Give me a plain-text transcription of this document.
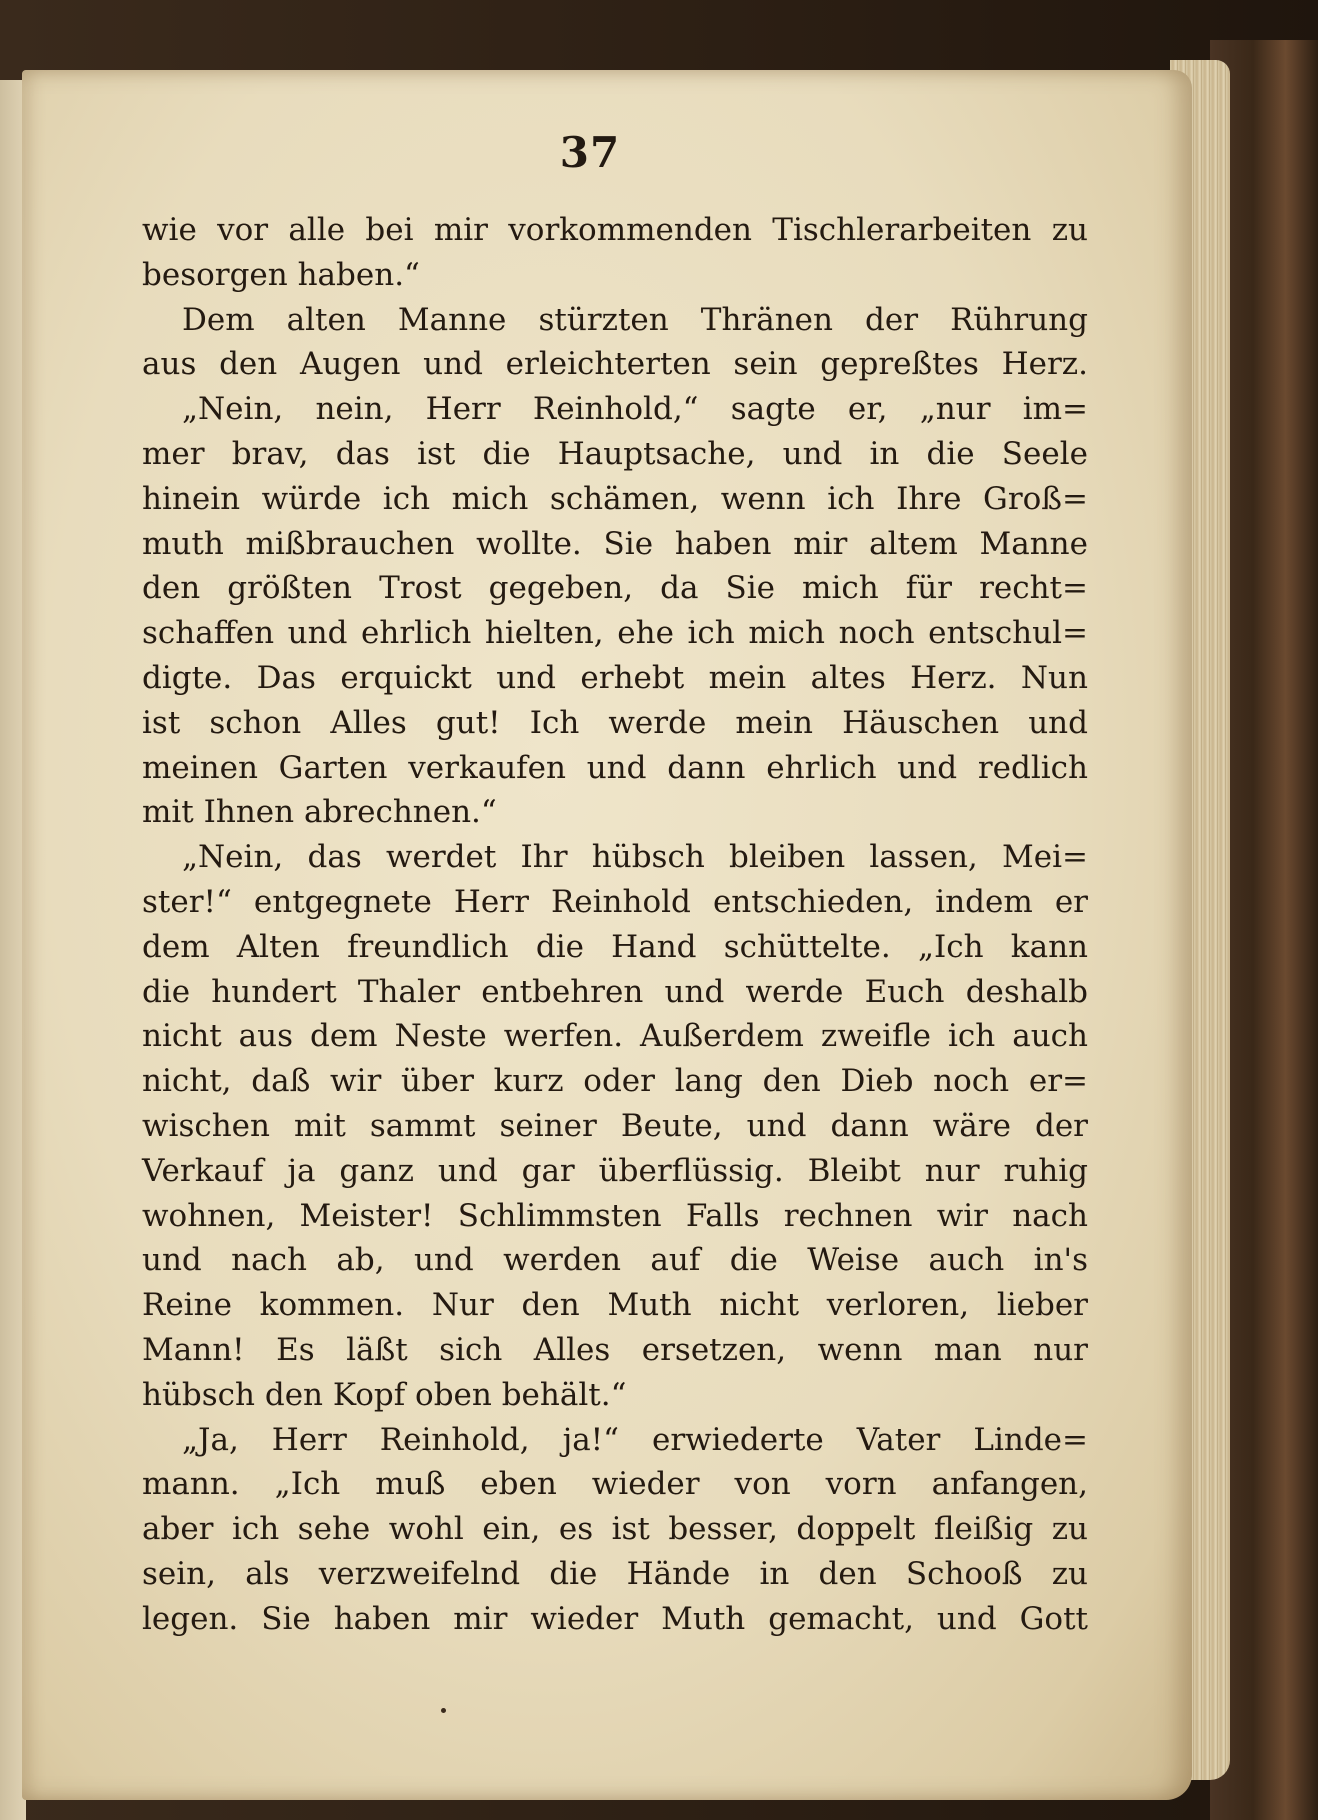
37
wie vor alle bei mir vorkommenden Tischlerarbeiten zu
besorgen haben.“
Dem alten Manne stürzten Thränen der Rührung
aus den Augen und erleichterten sein gepreßtes Herz.
„Nein, nein, Herr Reinhold,“ sagte er, „nur im=
mer brav, das ist die Hauptsache, und in die Seele
hinein würde ich mich schämen, wenn ich Ihre Groß=
muth mißbrauchen wollte. Sie haben mir altem Manne
den größten Trost gegeben, da Sie mich für recht=
schaffen und ehrlich hielten, ehe ich mich noch entschul=
digte. Das erquickt und erhebt mein altes Herz. Nun
ist schon Alles gut! Ich werde mein Häuschen und
meinen Garten verkaufen und dann ehrlich und redlich
mit Ihnen abrechnen.“
„Nein, das werdet Ihr hübsch bleiben lassen, Mei=
ster!“ entgegnete Herr Reinhold entschieden, indem er
dem Alten freundlich die Hand schüttelte. „Ich kann
die hundert Thaler entbehren und werde Euch deshalb
nicht aus dem Neste werfen. Außerdem zweifle ich auch
nicht, daß wir über kurz oder lang den Dieb noch er=
wischen mit sammt seiner Beute, und dann wäre der
Verkauf ja ganz und gar überflüssig. Bleibt nur ruhig
wohnen, Meister! Schlimmsten Falls rechnen wir nach
und nach ab, und werden auf die Weise auch in's
Reine kommen. Nur den Muth nicht verloren, lieber
Mann! Es läßt sich Alles ersetzen, wenn man nur
hübsch den Kopf oben behält.“
„Ja, Herr Reinhold, ja!“ erwiederte Vater Linde=
mann. „Ich muß eben wieder von vorn anfangen,
aber ich sehe wohl ein, es ist besser, doppelt fleißig zu
sein, als verzweifelnd die Hände in den Schooß zu
legen. Sie haben mir wieder Muth gemacht, und Gott
